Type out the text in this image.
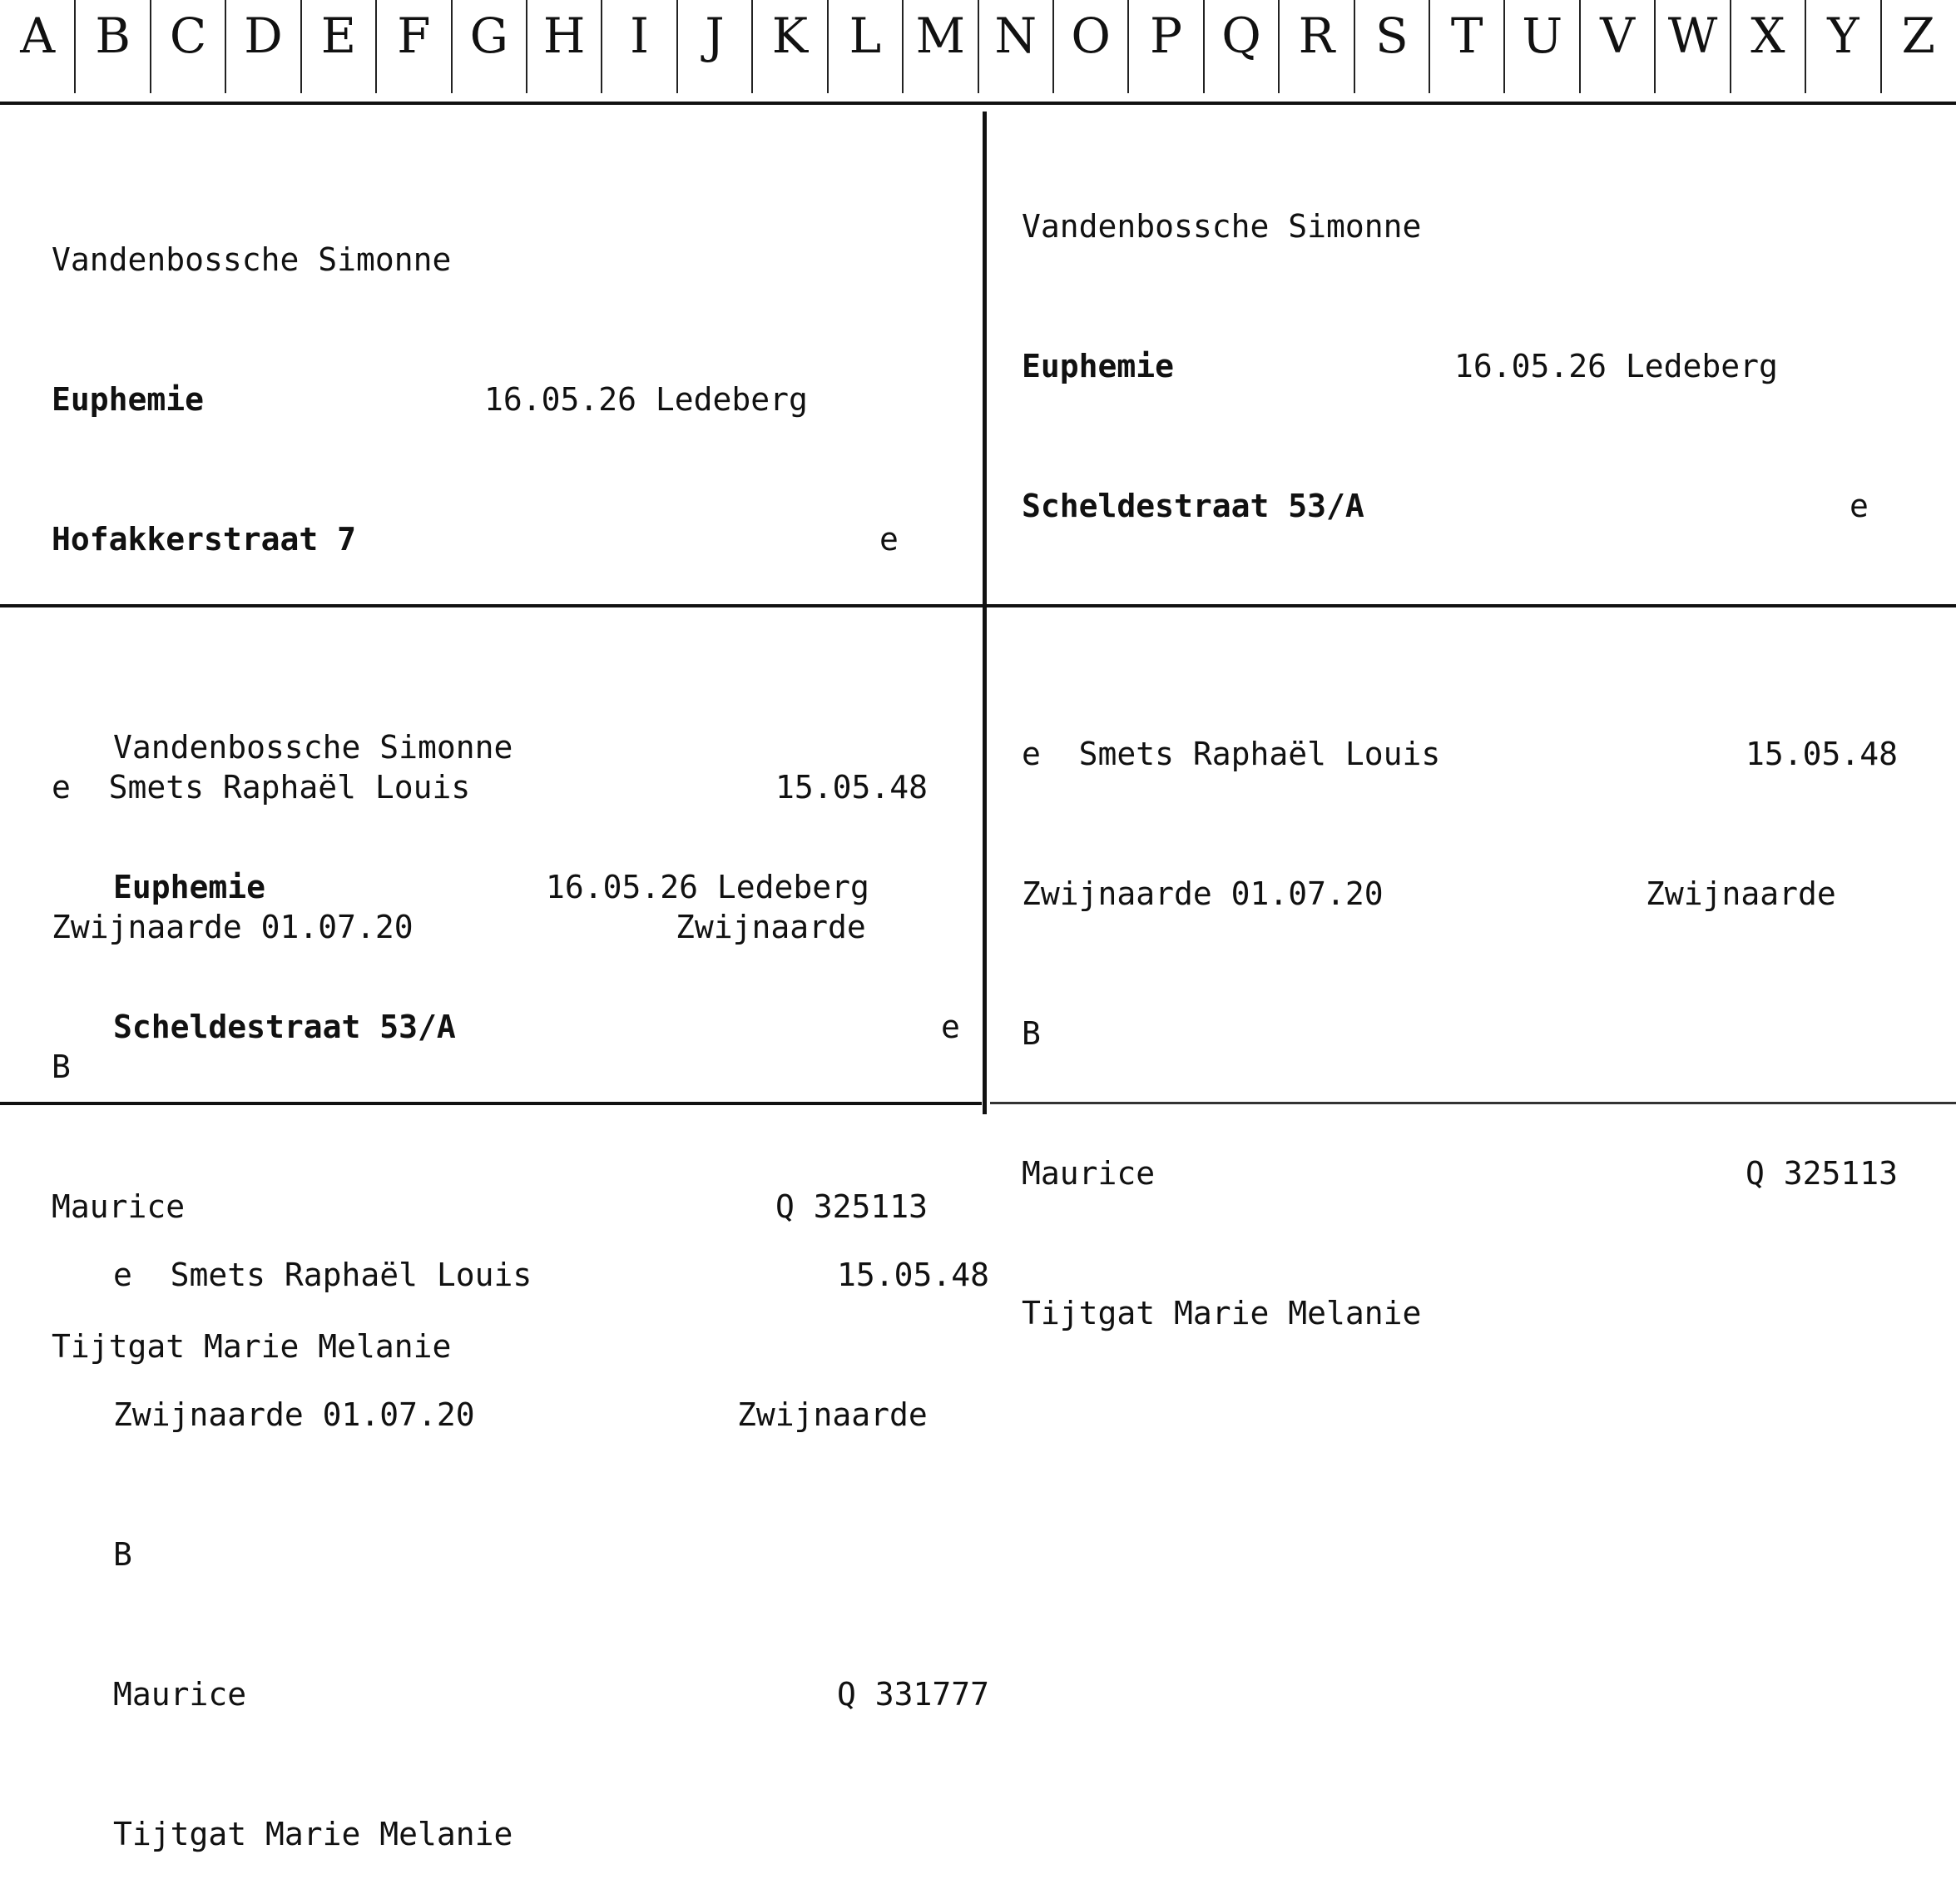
A B C D E F G H I	J K L M N O P Q R S T U V W X Y Z

Vandenbossche Simonne

Euphemie	16.05.26 Ledeberg

Hofakkerstraat 7	e

e  Smets Raphaël Louis	15.05.48

Zwijnaarde 01.07.20	Zwijnaarde

B

Maurice	Q 325113

Tijtgat Marie Melanie

Vandenbossche Simonne

Euphemie	16.05.26 Ledeberg

Scheldestraat 53/A	e

e  Smets Raphaël Louis	15.05.48

Zwijnaarde 01.07.20	Zwijnaarde

B

Maurice	Q 325113

Tijtgat Marie Melanie

Vandenbossche Simonne

Euphemie	16.05.26 Ledeberg

Scheldestraat 53/A	e

e  Smets Raphaël Louis	15.05.48

Zwijnaarde 01.07.20	Zwijnaarde

B

Maurice	Q 331777

Tijtgat Marie Melanie
